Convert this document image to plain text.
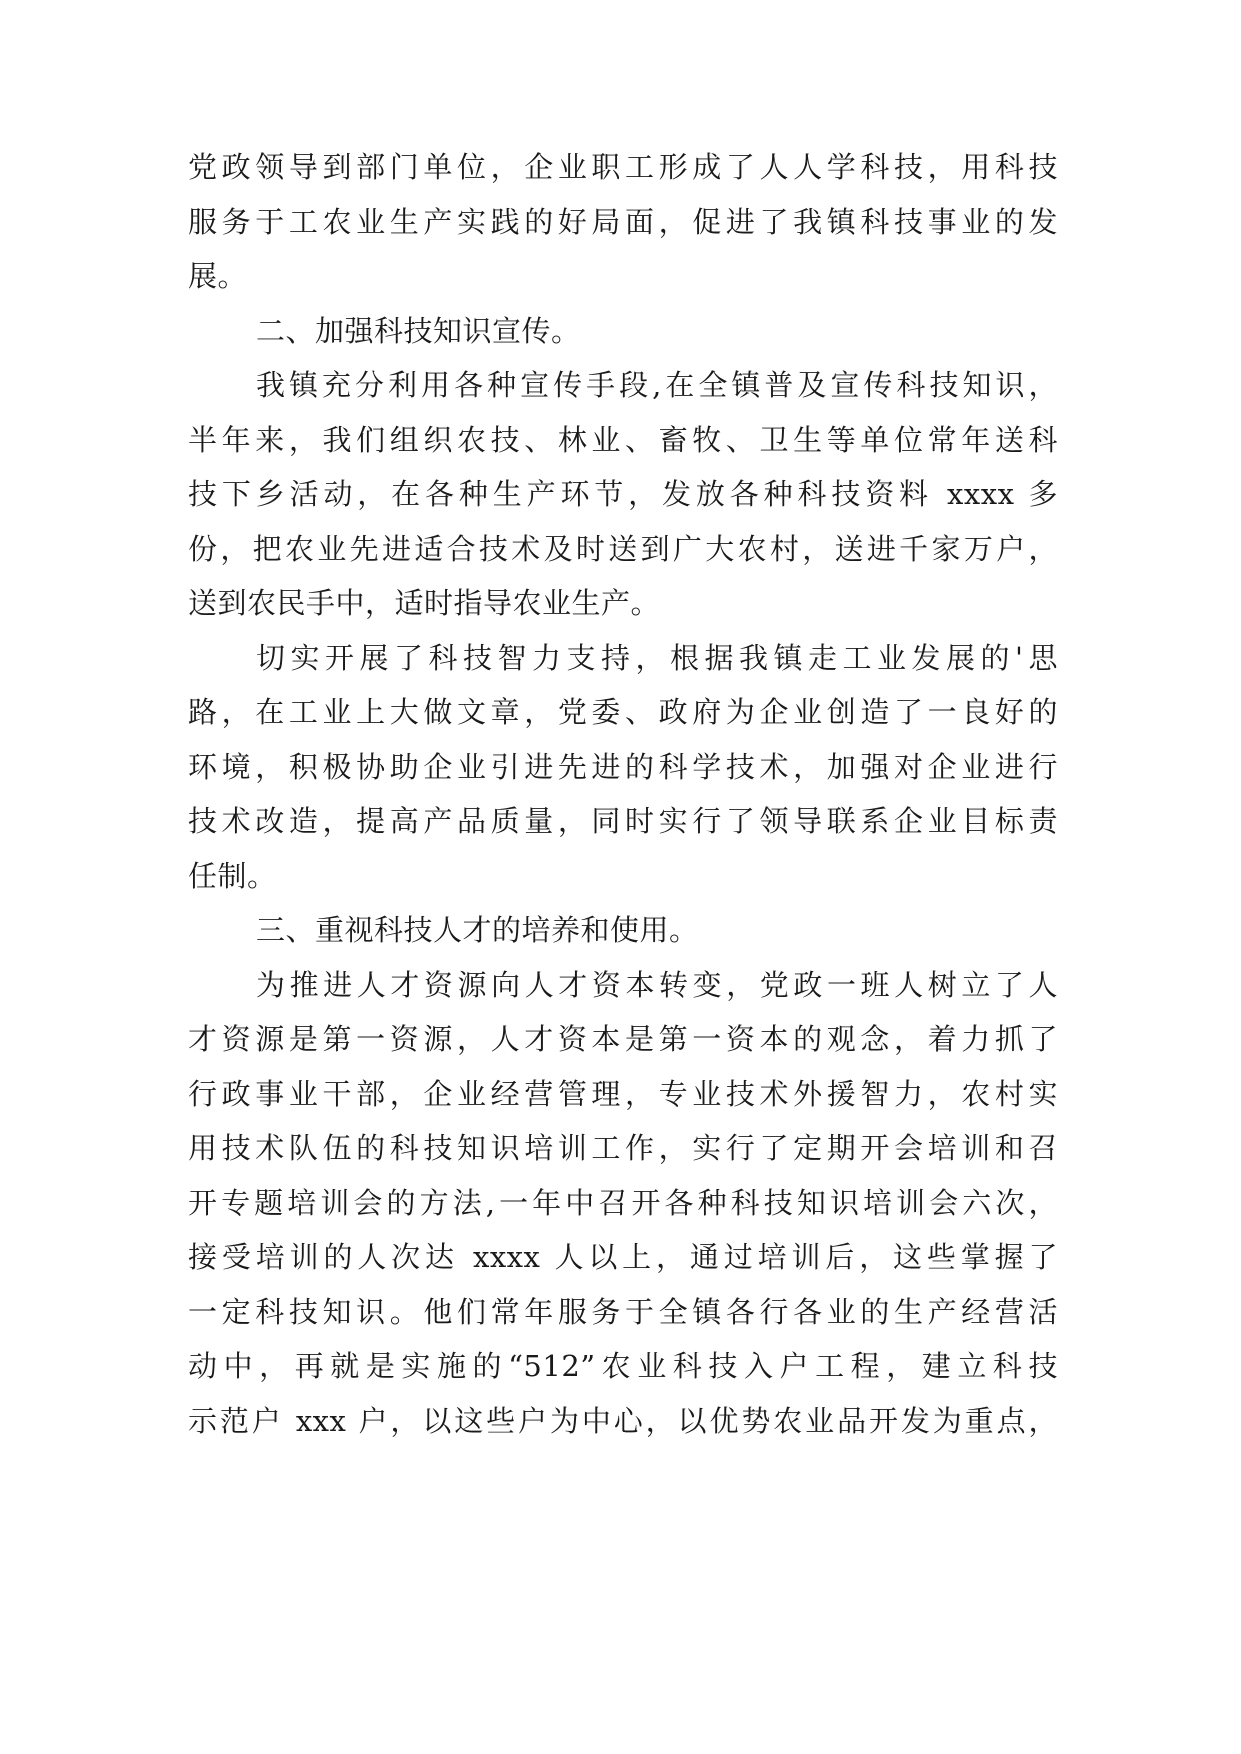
党政领导到部门单位，企业职工形成了人人学科技，用科技
服务于工农业生产实践的好局面，促进了我镇科技事业的发
展。
二、加强科技知识宣传。
我镇充分利用各种宣传手段,在全镇普及宣传科技知识，
半年来，我们组织农技、林业、畜牧、卫生等单位常年送科
技下乡活动，在各种生产环节，发放各种科技资料 xxxx 多
份，把农业先进适合技术及时送到广大农村，送进千家万户，
送到农民手中，适时指导农业生产。
切实开展了科技智力支持，根据我镇走工业发展的'思
路，在工业上大做文章，党委、政府为企业创造了一良好的
环境，积极协助企业引进先进的科学技术，加强对企业进行
技术改造，提高产品质量，同时实行了领导联系企业目标责
任制。
三、重视科技人才的培养和使用。
为推进人才资源向人才资本转变，党政一班人树立了人
才资源是第一资源，人才资本是第一资本的观念，着力抓了
行政事业干部，企业经营管理，专业技术外援智力，农村实
用技术队伍的科技知识培训工作，实行了定期开会培训和召
开专题培训会的方法,一年中召开各种科技知识培训会六次，
接受培训的人次达 xxxx 人以上，通过培训后，这些掌握了
一定科技知识。他们常年服务于全镇各行各业的生产经营活
动中，再就是实施的“512”农业科技入户工程，建立科技
示范户 xxx 户，以这些户为中心，以优势农业品开发为重点，
